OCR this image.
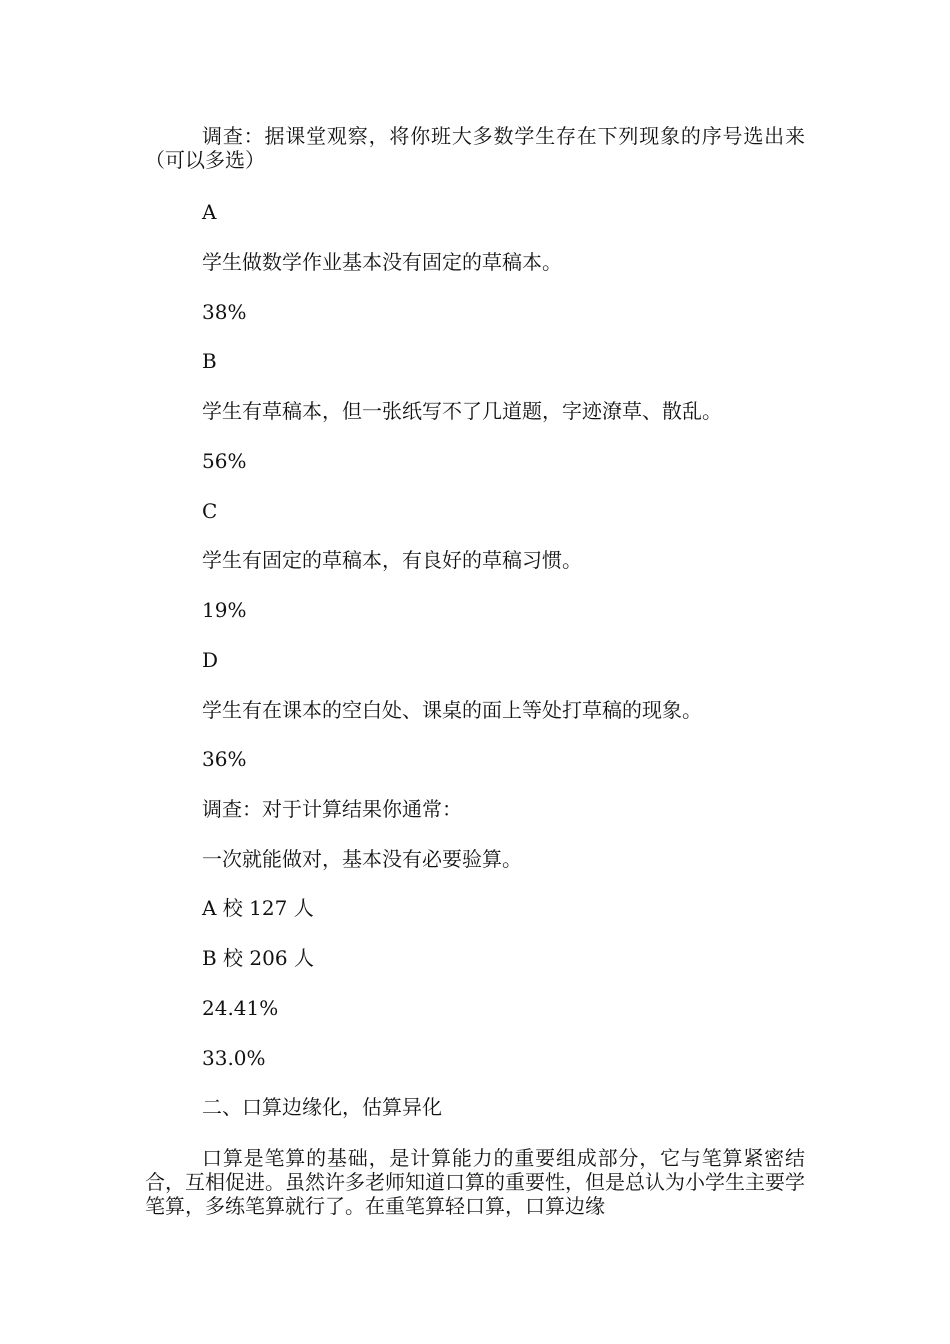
调查：据课堂观察，将你班大多数学生存在下列现象的序号选出来（可以多选）

A

学生做数学作业基本没有固定的草稿本。

38%

B

学生有草稿本，但一张纸写不了几道题，字迹潦草、散乱。

56%

C

学生有固定的草稿本，有良好的草稿习惯。

19%

D

学生有在课本的空白处、课桌的面上等处打草稿的现象。

36%

调查：对于计算结果你通常：

一次就能做对，基本没有必要验算。

A 校 127 人

B 校 206 人

24.41%

33.0%

二、口算边缘化，估算异化

口算是笔算的基础，是计算能力的重要组成部分，它与笔算紧密结合，互相促进。虽然许多老师知道口算的重要性，但是总认为小学生主要学笔算，多练笔算就行了。在重笔算轻口算，口算边缘
